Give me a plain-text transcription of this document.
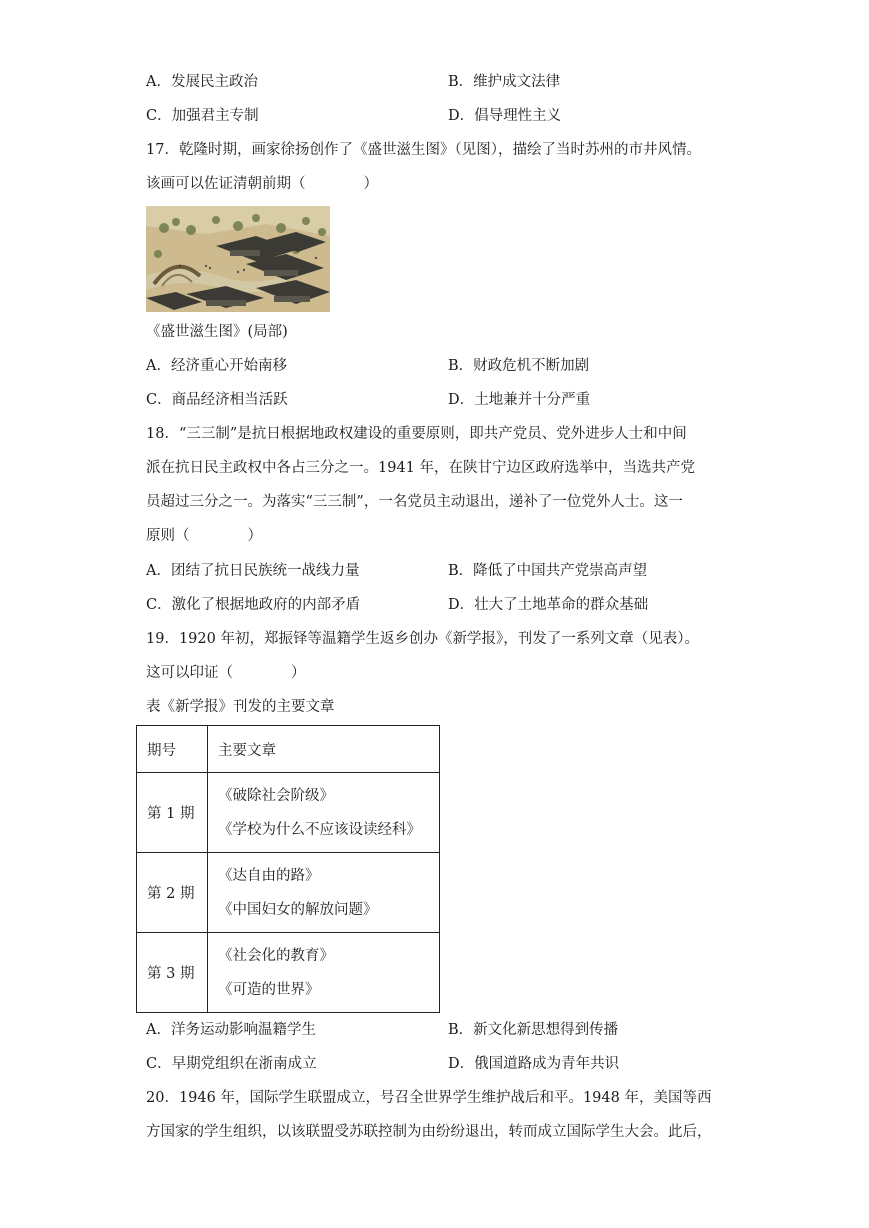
A．发展民主政治	B．维护成文法律
C．加强君主专制	D．倡导理性主义
17．乾隆时期，画家徐扬创作了《盛世滋生图》（见图），描绘了当时苏州的市井风情。
该画可以佐证清朝前期（　　　　）
《盛世滋生图》(局部)
A．经济重心开始南移	B．财政危机不断加剧
C．商品经济相当活跃	D．土地兼并十分严重
18．“三三制”是抗日根据地政权建设的重要原则，即共产党员、党外进步人士和中间
派在抗日民主政权中各占三分之一。1941 年，在陕甘宁边区政府选举中，当选共产党
员超过三分之一。为落实“三三制”，一名党员主动退出，递补了一位党外人士。这一
原则（　　　　）
A．团结了抗日民族统一战线力量	B．降低了中国共产党崇高声望
C．激化了根据地政府的内部矛盾	D．壮大了土地革命的群众基础
19．1920 年初，郑振铎等温籍学生返乡创办《新学报》，刊发了一系列文章（见表）。
这可以印证（　　　　）
表《新学报》刊发的主要文章
期号	主要文章
第 1 期	《破除社会阶级》
《学校为什么不应该设读经科》

第 2 期	《达自由的路》
《中国妇女的解放问题》

第 3 期	《社会化的教育》
《可造的世界》
A．洋务运动影响温籍学生	B．新文化新思想得到传播
C．早期党组织在浙南成立	D．俄国道路成为青年共识
20．1946 年，国际学生联盟成立，号召全世界学生维护战后和平。1948 年，美国等西
方国家的学生组织，以该联盟受苏联控制为由纷纷退出，转而成立国际学生大会。此后，
